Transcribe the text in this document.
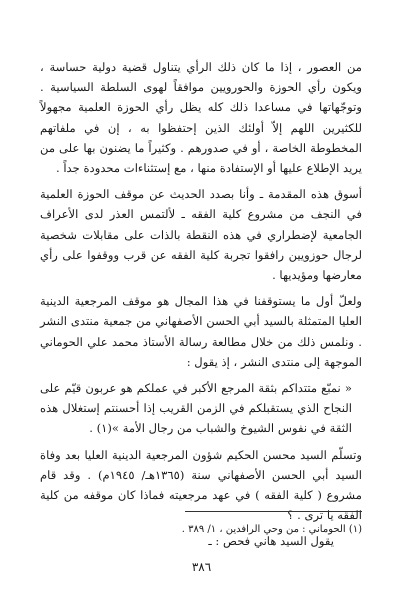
من العصور ، إذا ما كان ذلك الرأي يتناول قضية دولية حساسة ، ويكون رأي الحوزة والحورويين موافقاً لهوى السلطة السياسية . وتوجّهاتها في مساعدا ذلك كله يظل رأي الحوزة العلمية مجهولاً للكثيرين اللهم إلاّ أولئك الذين إحتفظوا به ، إن في ملفاتهم المخطوطة الخاصة ، أو في صدورهم . وكثيراً ما يضنون بها على من يريد الإطلاع عليها أو الإستفادة منها ، مع إستثناءات محدودة جداً .

أسوق هذه المقدمة ـ وأنا بصدد الحديث عن موقف الحوزة العلمية في النجف من مشروع كلية الفقه ـ لألتمس العذر لدى الأعراف الجامعية لإضطراري في هذه النقطة بالذات على مقابلات شخصية لرجال حوزويين رافقوا تجربة كلية الفقه عن قرب ووقفوا على رأي معارضها ومؤيديها .

ولعلّ أول ما يستوقفنا في هذا المجال هو موقف المرجعية الدينية العليا المتمثلة بالسيد أبي الحسن الأصفهاني من جمعية منتدى النشر . ونلمس ذلك من خلال مطالعة رسالة الأستاذ محمد علي الحوماني الموجهة إلى منتدى النشر ، إذ يقول :

« نمبّع متتداكم بثقة المرجع الأكبر في عملكم هو عربون قيّم على النجاح الذي يستقبلكم في الزمن القريب إذا أحسنتم إستغلال هذه الثقة في نفوس الشيوخ والشباب من رجال الأمة »(١) .

وتسلّم السيد محسن الحكيم شؤون المرجعية الدينية العليا بعد وفاة السيد أبي الحسن الأصفهاني سنة (١٣٦٥هـ/ ١٩٤٥م) . وقد قام مشروع ( كلية الفقه ) في عهد مرجعيته فماذا كان موقفه من كلية الفقه يا ترى . ؟

يقول السيد هاني فحص : ـ

(١) الحوماني : من وحي الرافدين ، ١/ ٣٨٩ .
٣٨٦
